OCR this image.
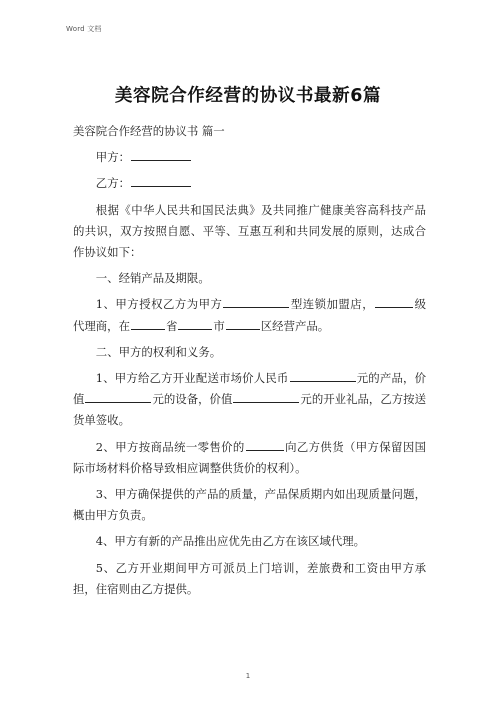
Word 文档
美容院合作经营的协议书最新6篇

美容院合作经营的协议书 篇一

甲方：

乙方：

根据《中华人民共和国民法典》及共同推广健康美容高科技产品的共识，双方按照自愿、平等、互惠互利和共同发展的原则，达成合作协议如下：

一、经销产品及期限。

1、甲方授权乙方为甲方	型连锁加盟店，	级代理商，在	省	市	区经营产品。

二、甲方的权利和义务。

1、甲方给乙方开业配送市场价人民币	元的产品，价值	元的设备，价值	元的开业礼品，乙方按送货单签收。

2、甲方按商品统一零售价的	向乙方供货（甲方保留因国际市场材料价格导致相应调整供货价的权利）。

3、甲方确保提供的产品的质量，产品保质期内如出现质量问题，概由甲方负责。

4、甲方有新的产品推出应优先由乙方在该区域代理。

5、乙方开业期间甲方可派员上门培训，差旅费和工资由甲方承担，住宿则由乙方提供。

1
